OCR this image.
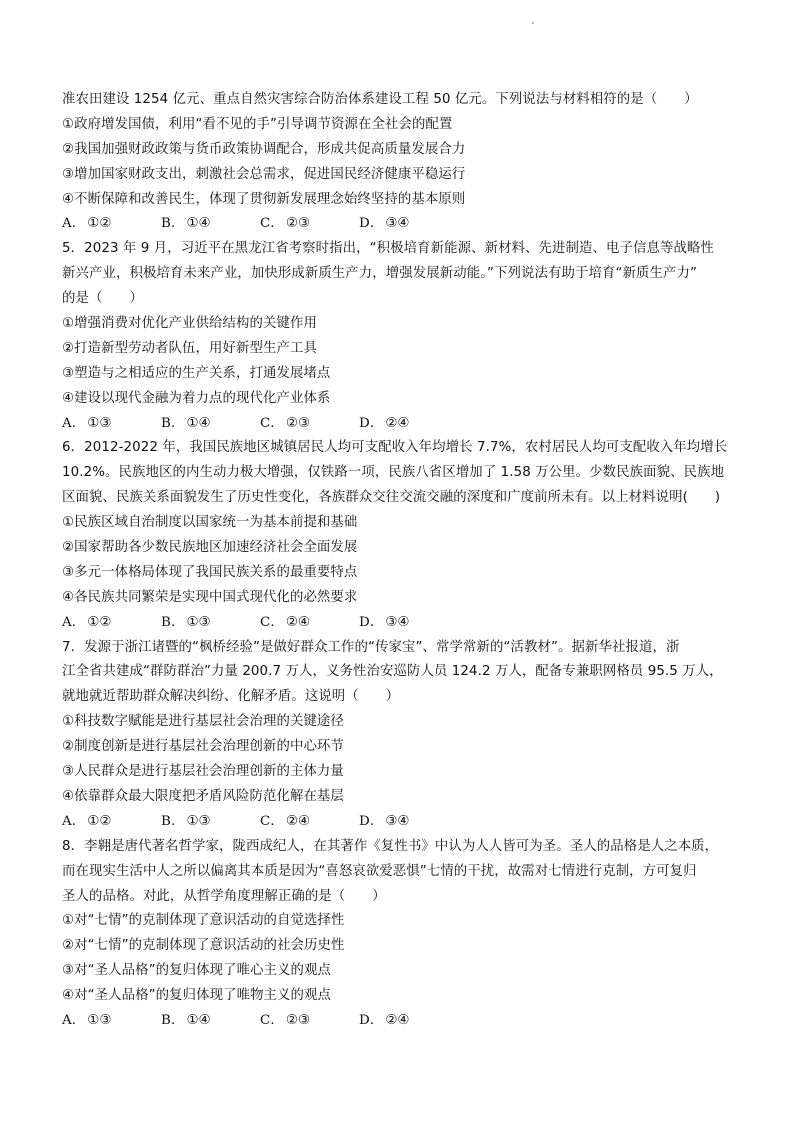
准农田建设 1254 亿元、重点自然灾害综合防治体系建设工程 50 亿元。下列说法与材料相符的是（　　）
①政府增发国债，利用“看不见的手”引导调节资源在全社会的配置
②我国加强财政政策与货币政策协调配合，形成共促高质量发展合力
③增加国家财政支出，刺激社会总需求，促进国民经济健康平稳运行
④不断保障和改善民生，体现了贯彻新发展理念始终坚持的基本原则
A． ①②	B． ①④	C． ②③	D． ③④
5．2023 年 9 月，习近平在黑龙江省考察时指出，“积极培育新能源、新材料、先进制造、电子信息等战略性
新兴产业，积极培育未来产业，加快形成新质生产力，增强发展新动能。”下列说法有助于培育“新质生产力”
的是（　　）
①增强消费对优化产业供给结构的关键作用
②打造新型劳动者队伍，用好新型生产工具
③塑造与之相适应的生产关系，打通发展堵点
④建设以现代金融为着力点的现代化产业体系
A． ①③	B． ①④	C． ②③	D． ②④
6．2012-2022 年，我国民族地区城镇居民人均可支配收入年均增长 7.7%，农村居民人均可支配收入年均增长
10.2%。民族地区的内生动力极大增强，仅铁路一项，民族八省区增加了 1.58 万公里。少数民族面貌、民族地
区面貌、民族关系面貌发生了历史性变化，各族群众交往交流交融的深度和广度前所未有。以上材料说明(　　)
①民族区域自治制度以国家统一为基本前提和基础
②国家帮助各少数民族地区加速经济社会全面发展
③多元一体格局体现了我国民族关系的最重要特点
④各民族共同繁荣是实现中国式现代化的必然要求
A． ①②	B． ①③	C． ②④	D． ③④
7．发源于浙江诸暨的“枫桥经验”是做好群众工作的“传家宝”、常学常新的“活教材”。据新华社报道，浙
江全省共建成“群防群治”力量 200.7 万人，义务性治安巡防人员 124.2 万人，配备专兼职网格员 95.5 万人，
就地就近帮助群众解决纠纷、化解矛盾。这说明（　　）
①科技数字赋能是进行基层社会治理的关键途径
②制度创新是进行基层社会治理创新的中心环节
③人民群众是进行基层社会治理创新的主体力量
④依靠群众最大限度把矛盾风险防范化解在基层
A． ①②	B． ①③	C． ②④	D． ③④
8．李翱是唐代著名哲学家，陇西成纪人，在其著作《复性书》中认为人人皆可为圣。圣人的品格是人之本质，
而在现实生活中人之所以偏离其本质是因为“喜怒哀欲爱恶惧”七情的干扰，故需对七情进行克制，方可复归
圣人的品格。对此，从哲学角度理解正确的是（　　）
①对“七情”的克制体现了意识活动的自觉选择性
②对“七情”的克制体现了意识活动的社会历史性
③对“圣人品格”的复归体现了唯心主义的观点
④对“圣人品格”的复归体现了唯物主义的观点
A． ①③	B． ①④	C． ②③	D． ②④
